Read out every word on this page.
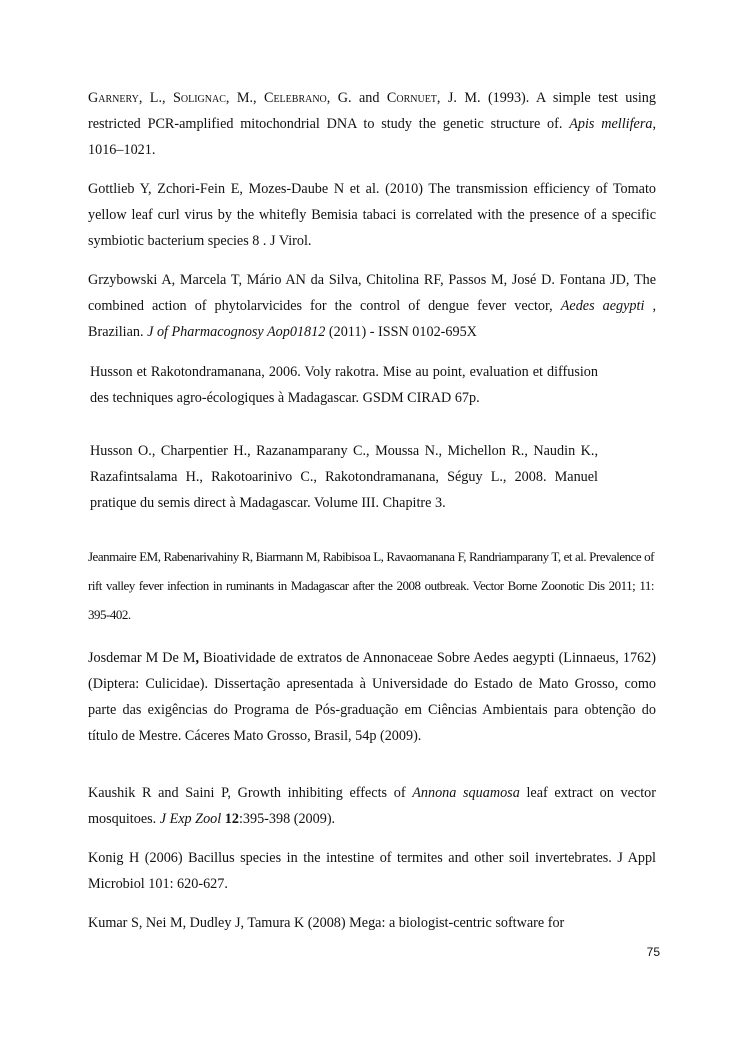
Garnery, L., Solignac, M., Celebrano, G. and Cornuet, J. M. (1993). A simple test using restricted PCR-amplified mitochondrial DNA to study the genetic structure of. Apis mellifera, 1016–1021.
Gottlieb Y, Zchori-Fein E, Mozes-Daube N et al. (2010) The transmission efficiency of Tomato yellow leaf curl virus by the whitefly Bemisia tabaci is correlated with the presence of a specific symbiotic bacterium species 8 . J Virol.
Grzybowski A, Marcela T, Mário AN da Silva, Chitolina RF, Passos M, José D. Fontana JD, The combined action of phytolarvicides for the control of dengue fever vector, Aedes aegypti , Brazilian. J of Pharmacognosy Aop01812 (2011) - ISSN 0102-695X
Husson et Rakotondramanana, 2006. Voly rakotra. Mise au point, evaluation et diffusion des techniques agro-écologiques à Madagascar. GSDM CIRAD 67p.
Husson O., Charpentier H., Razanamparany C., Moussa N., Michellon R., Naudin K., Razafintsalama H., Rakotoarinivo C., Rakotondramanana, Séguy L., 2008. Manuel pratique du semis direct à Madagascar. Volume III. Chapitre 3.
Jeanmaire EM, Rabenarivahiny R, Biarmann M, Rabibisoa L, Ravaomanana F, Randriamparany T, et al. Prevalence of rift valley fever infection in ruminants in Madagascar after the 2008 outbreak. Vector Borne Zoonotic Dis 2011; 11: 395-402.
Josdemar M De M, Bioatividade de extratos de Annonaceae Sobre Aedes aegypti (Linnaeus, 1762) (Diptera: Culicidae). Dissertação apresentada à Universidade do Estado de Mato Grosso, como parte das exigências do Programa de Pós-graduação em Ciências Ambientais para obtenção do título de Mestre. Cáceres Mato Grosso, Brasil, 54p (2009).
Kaushik R and Saini P, Growth inhibiting effects of Annona squamosa leaf extract on vector mosquitoes. J Exp Zool 12:395-398 (2009).
Konig H (2006) Bacillus species in the intestine of termites and other soil invertebrates. J Appl Microbiol 101: 620-627.
Kumar S, Nei M, Dudley J, Tamura K (2008) Mega: a biologist-centric software for
75
